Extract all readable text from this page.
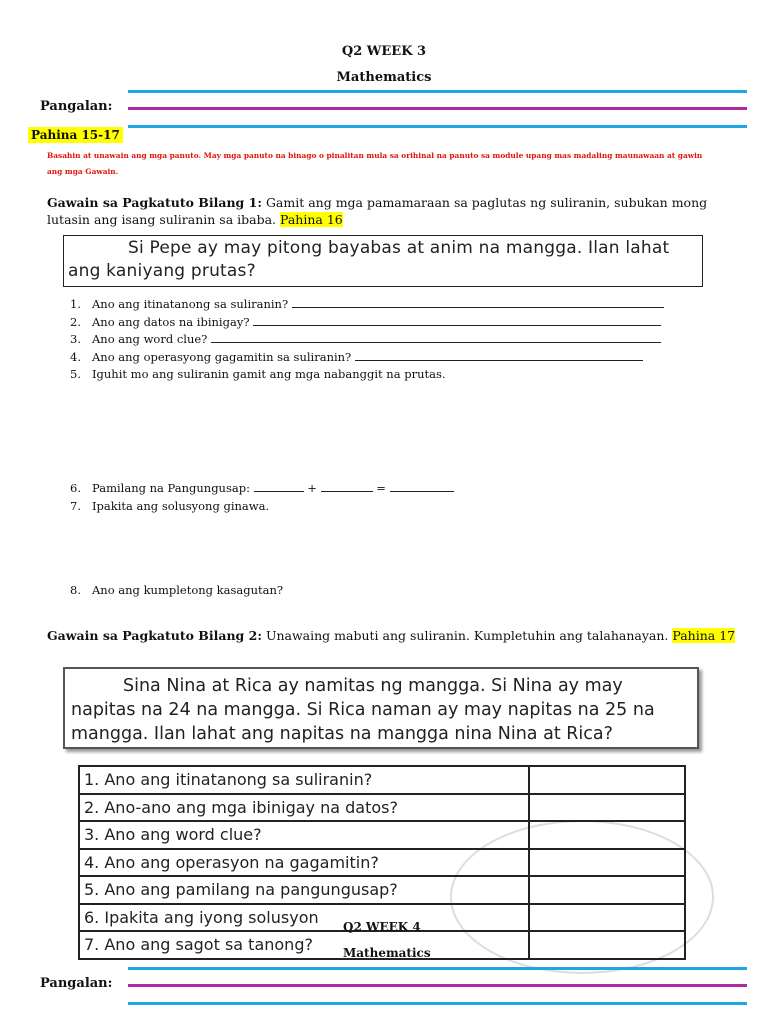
Q2 WEEK 3
Mathematics
Pangalan:
Pahina 15-17
Basahin at unawain ang mga panuto. May mga panuto na binago o pinalitan mula sa orihinal na panuto sa module upang mas madaling maunawaan at gawin ang mga Gawain.
Gawain sa Pagkatuto Bilang 1: Gamit ang mga pamamaraan sa paglutas ng suliranin, subukan mong lutasin ang isang suliranin sa ibaba. Pahina 16
Si Pepe ay may pitong bayabas at anim na mangga. Ilan lahat ang kaniyang prutas?
1. Ano ang itinatanong sa suliranin?
2. Ano ang datos na ibinigay?
3. Ano ang word clue?
4. Ano ang operasyong gagamitin sa suliranin?
5. Iguhit mo ang suliranin gamit ang mga nabanggit na prutas.
6. Pamilang na Pangungusap:	+	=
7. Ipakita ang solusyong ginawa.
8. Ano ang kumpletong kasagutan?
Gawain sa Pagkatuto Bilang 2: Unawaing mabuti ang suliranin. Kumpletuhin ang talahanayan. Pahina 17
Sina Nina at Rica ay namitas ng mangga. Si Nina ay may
napitas na 24 na mangga. Si Rica naman ay may napitas na 25 na
mangga. Ilan lahat ang napitas na mangga nina Nina at Rica?
1. Ano ang itinatanong sa suliranin?	
2. Ano-ano ang mga ibinigay na datos?	
3. Ano ang word clue?	
4. Ano ang operasyon na gagamitin?	
5. Ano ang pamilang na pangungusap?	
6. Ipakita ang iyong solusyon	
7. Ano ang sagot sa tanong?	
Q2 WEEK 4
Mathematics
Pangalan:
